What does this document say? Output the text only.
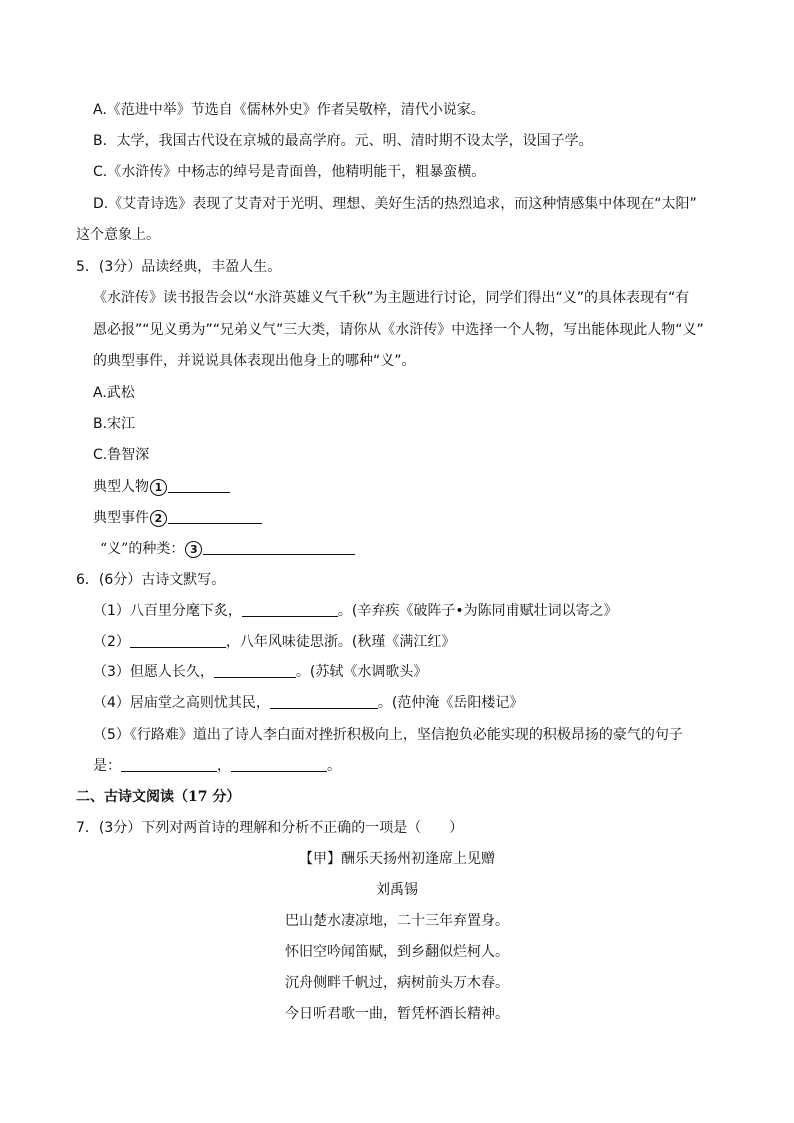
A.《范进中举》节选自《儒林外史》作者吴敬梓，清代小说家。
B．太学，我国古代设在京城的最高学府。元、明、清时期不设太学，设国子学。
C.《水浒传》中杨志的绰号是青面兽，他精明能干，粗暴蛮横。
D.《艾青诗选》表现了艾青对于光明、理想、美好生活的热烈追求，而这种情感集中体现在“太阳”
这个意象上。
5．(3分）品读经典，丰盈人生。
《水浒传》读书报告会以“水浒英雄义气千秋”为主题进行讨论，同学们得出“义”的具体表现有“有
恩必报”“见义勇为”“兄弟义气”三大类，请你从《水浒传》中选择一个人物，写出能体现此人物“义”
的典型事件，并说说具体表现出他身上的哪种“义”。
A.武松
B.宋江
C.鲁智深
典型人物 1
典型事件 2
“义”的种类： 3
6．(6分）古诗文默写。
（1）八百里分麾下炙，	。(辛弃疾《破阵子•为陈同甫赋壮词以寄之》
（2）	，八年风味徒思浙。(秋瑾《满江红》
（3）但愿人长久，	。(苏轼《水调歌头》
（4）居庙堂之高则忧其民，	。(范仲淹《岳阳楼记》
（5）《行路难》道出了诗人李白面对挫折积极向上，坚信抱负必能实现的积极昂扬的豪气的句子
是：	，	。
二、古诗文阅读（17 分）
7．(3分）下列对两首诗的理解和分析不正确的一项是（　　）
【甲】酬乐天扬州初逢席上见赠
刘禹锡
巴山楚水凄凉地，二十三年弃置身。
怀旧空吟闻笛赋，到乡翻似烂柯人。
沉舟侧畔千帆过，病树前头万木春。
今日听君歌一曲，暂凭杯酒长精神。
